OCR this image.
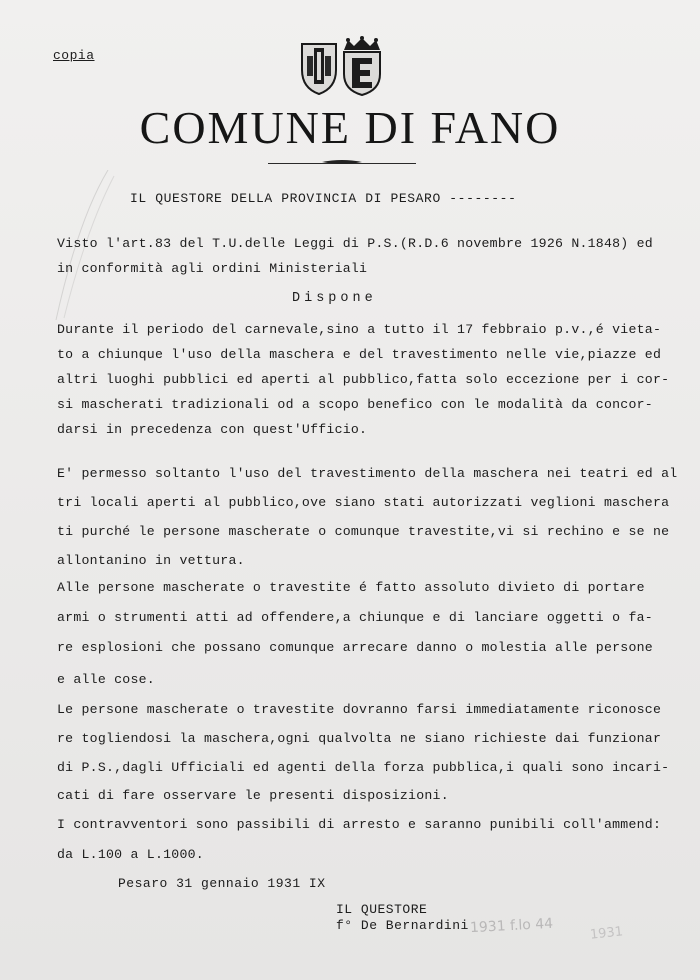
copia
COMUNE DI FANO
IL QUESTORE DELLA PROVINCIA DI PESARO --------
Visto l'art.83 del T.U.delle Leggi di P.S.(R.D.6 novembre 1926 N.1848) ed
in conformità agli ordini Ministeriali
Dispone
Durante il periodo del carnevale,sino a tutto il 17 febbraio p.v.,é vieta-
to a chiunque l'uso della maschera e del travestimento nelle vie,piazze ed
altri luoghi pubblici ed aperti al pubblico,fatta solo eccezione per i cor-
si mascherati tradizionali od a scopo benefico con le modalità da concor-
darsi in precedenza con quest'Ufficio.
E' permesso soltanto l'uso del travestimento della maschera nei teatri ed al
tri locali aperti al pubblico,ove siano stati autorizzati veglioni maschera
ti purché le persone mascherate o comunque travestite,vi si rechino e se ne
allontanino in vettura.
Alle persone mascherate o travestite é fatto assoluto divieto di portare
armi o strumenti atti ad offendere,a chiunque e di lanciare oggetti o fa-
re esplosioni che possano comunque arrecare danno o molestia alle persone
e alle cose.
Le persone mascherate o travestite dovranno farsi immediatamente riconosce
re togliendosi la maschera,ogni qualvolta ne siano richieste dai funzionar
di P.S.,dagli Ufficiali ed agenti della forza pubblica,i quali sono incari-
cati di fare osservare le presenti disposizioni.
I contravventori sono passibili di arresto e saranno punibili coll'ammend:
da L.100 a L.1000.
Pesaro 31 gennaio 1931 IX
IL QUESTORE
f° De Bernardini 1931 f.lo 44	1931
